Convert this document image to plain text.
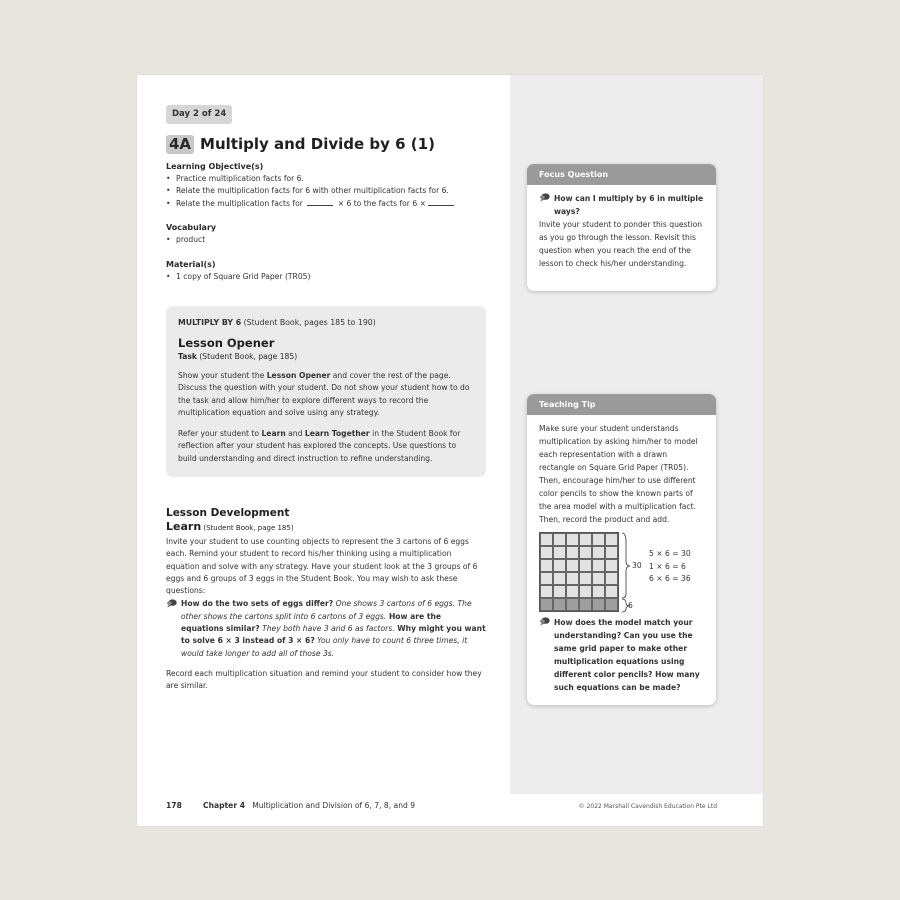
Day 2 of 24
4A Multiply and Divide by 6 (1)
Learning Objective(s)
• Practice multiplication facts for 6.
• Relate the multiplication facts for 6 with other multiplication facts for 6.
• Relate the multiplication facts for	× 6 to the facts for 6 ×
Vocabulary
• product
Material(s)
• 1 copy of Square Grid Paper (TR05)
MULTIPLY BY 6 (Student Book, pages 185 to 190)
Lesson Opener
Task (Student Book, page 185)

Show your student the Lesson Opener and cover the rest of the page. Discuss the question with your student. Do not show your student how to do the task and allow him/her to explore different ways to record the multiplication equation and solve using any strategy.

Refer your student to Learn and Learn Together in the Student Book for reflection after your student has explored the concepts. Use questions to build understanding and direct instruction to refine understanding.

Lesson Development
Learn (Student Book, page 185)

Invite your student to use counting objects to represent the 3 cartons of 6 eggs each. Remind your student to record his/her thinking using a multiplication equation and solve with any strategy. Have your student look at the 3 groups of 6 eggs and 6 groups of 3 eggs in the Student Book. You may wish to ask these questions:

How do the two sets of eggs differ? One shows 3 cartons of 6 eggs. The other shows the cartons split into 6 cartons of 3 eggs. How are the equations similar? They both have 3 and 6 as factors. Why might you want to solve 6 × 3 instead of 3 × 6? You only have to count 6 three times, it would take longer to add all of those 3s.

Record each multiplication situation and remind your student to consider how they are similar.

Focus Question
How can I multiply by 6 in multiple ways?
Invite your student to ponder this question as you go through the lesson. Revisit this question when you reach the end of the lesson to check his/her understanding.
Teaching Tip
Make sure your student understands multiplication by asking him/her to model each representation with a drawn rectangle on Square Grid Paper (TR05). Then, encourage him/her to use different color pencils to show the known parts of the area model with a multiplication fact. Then, record the product and add.
30
6
5 × 6 = 30
1 × 6 = 6
6 × 6 = 36
How does the model match your understanding? Can you use the same grid paper to make other multiplication equations using different color pencils? How many such equations can be made?
178	Chapter 4 Multiplication and Division of 6, 7, 8, and 9	© 2022 Marshall Cavendish Education Pte Ltd
